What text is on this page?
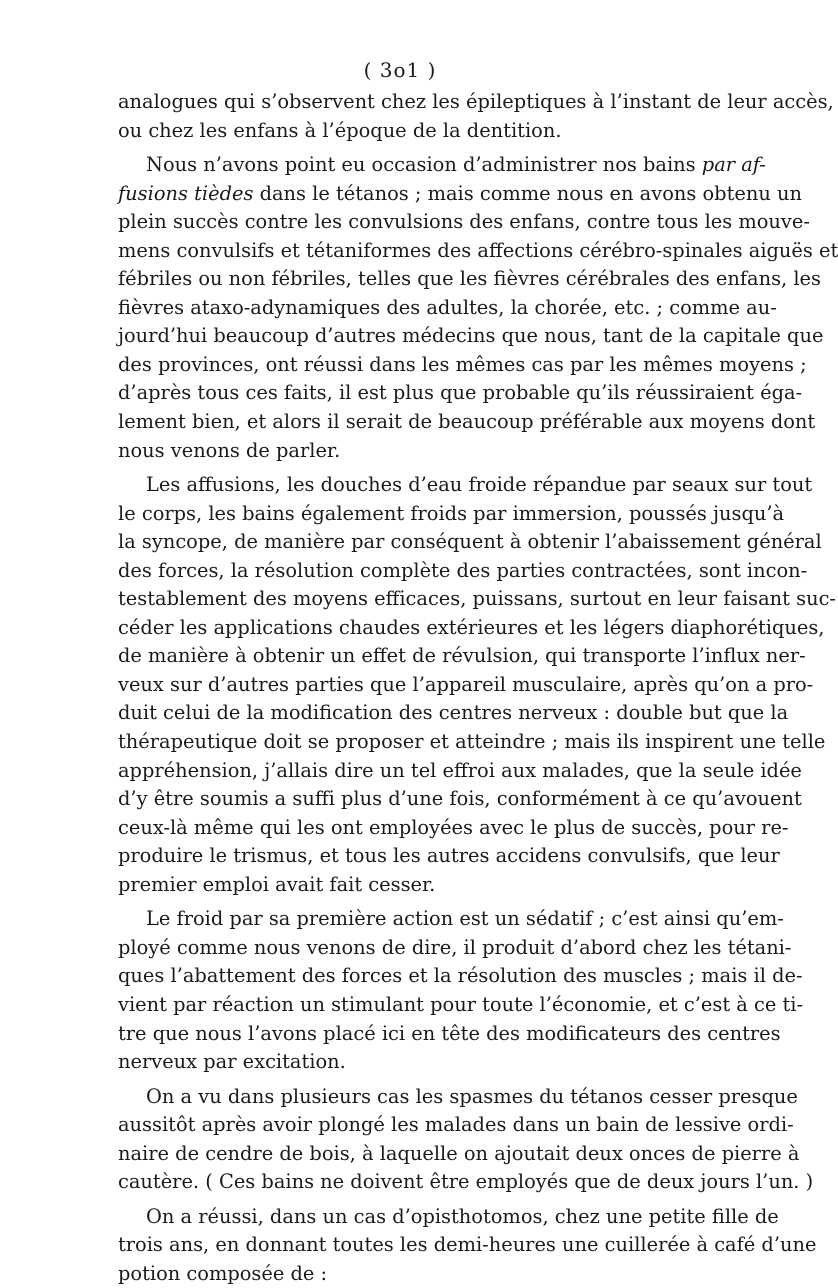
( 3o1 )
analogues qui s’observent chez les épileptiques à l’instant de leur accès,
ou chez les enfans à l’époque de la dentition.
Nous n’avons point eu occasion d’administrer nos bains par af-
fusions tièdes dans le tétanos ; mais comme nous en avons obtenu un
plein succès contre les convulsions des enfans, contre tous les mouve-
mens convulsifs et tétaniformes des affections cérébro-spinales aiguës et
fébriles ou non fébriles, telles que les fièvres cérébrales des enfans, les
fièvres ataxo-adynamiques des adultes, la chorée, etc. ; comme au-
jourd’hui beaucoup d’autres médecins que nous, tant de la capitale que
des provinces, ont réussi dans les mêmes cas par les mêmes moyens ;
d’après tous ces faits, il est plus que probable qu’ils réussiraient éga-
lement bien, et alors il serait de beaucoup préférable aux moyens dont
nous venons de parler.
Les affusions, les douches d’eau froide répandue par seaux sur tout
le corps, les bains également froids par immersion, poussés jusqu’à
la syncope, de manière par conséquent à obtenir l’abaissement général
des forces, la résolution complète des parties contractées, sont incon-
testablement des moyens efficaces, puissans, surtout en leur faisant suc-
céder les applications chaudes extérieures et les légers diaphorétiques,
de manière à obtenir un effet de révulsion, qui transporte l’influx ner-
veux sur d’autres parties que l’appareil musculaire, après qu’on a pro-
duit celui de la modification des centres nerveux : double but que la
thérapeutique doit se proposer et atteindre ; mais ils inspirent une telle
appréhension, j’allais dire un tel effroi aux malades, que la seule idée
d’y être soumis a suffi plus d’une fois, conformément à ce qu’avouent
ceux-là même qui les ont employées avec le plus de succès, pour re-
produire le trismus, et tous les autres accidens convulsifs, que leur
premier emploi avait fait cesser.
Le froid par sa première action est un sédatif ; c’est ainsi qu’em-
ployé comme nous venons de dire, il produit d’abord chez les tétani-
ques l’abattement des forces et la résolution des muscles ; mais il de-
vient par réaction un stimulant pour toute l’économie, et c’est à ce ti-
tre que nous l’avons placé ici en tête des modificateurs des centres
nerveux par excitation.
On a vu dans plusieurs cas les spasmes du tétanos cesser presque
aussitôt après avoir plongé les malades dans un bain de lessive ordi-
naire de cendre de bois, à laquelle on ajoutait deux onces de pierre à
cautère. ( Ces bains ne doivent être employés que de deux jours l’un. )
On a réussi, dans un cas d’opisthotomos, chez une petite fille de
trois ans, en donnant toutes les demi-heures une cuillerée à café d’une
potion composée de :
